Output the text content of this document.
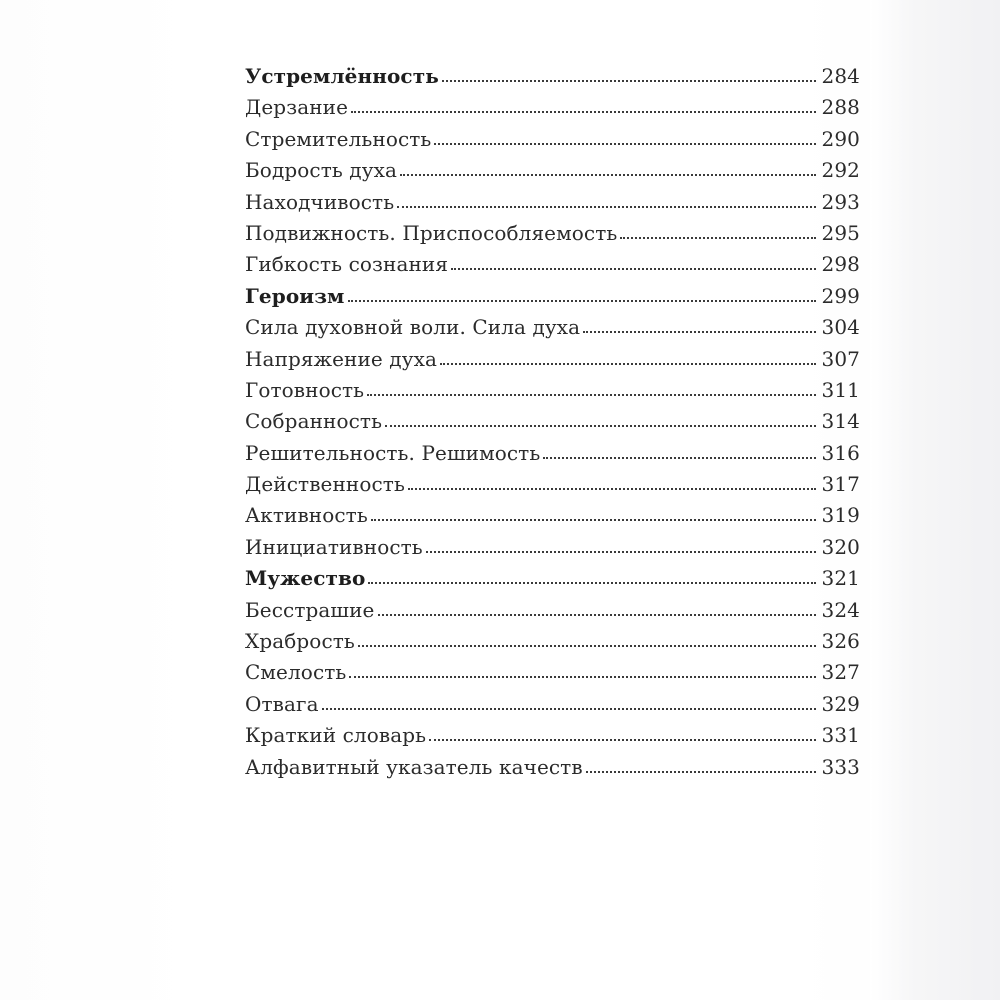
Устремлённость	284
Дерзание	288
Стремительность	290
Бодрость духа	292
Находчивость	293
Подвижность. Приспособляемость	295
Гибкость сознания	298
Героизм	299
Сила духовной воли. Сила духа	304
Напряжение духа	307
Готовность	311
Собранность	314
Решительность. Решимость	316
Действенность	317
Активность	319
Инициативность	320
Мужество	321
Бесстрашие	324
Храбрость	326
Смелость	327
Отвага	329
Краткий словарь	331
Алфавитный указатель качеств	333
